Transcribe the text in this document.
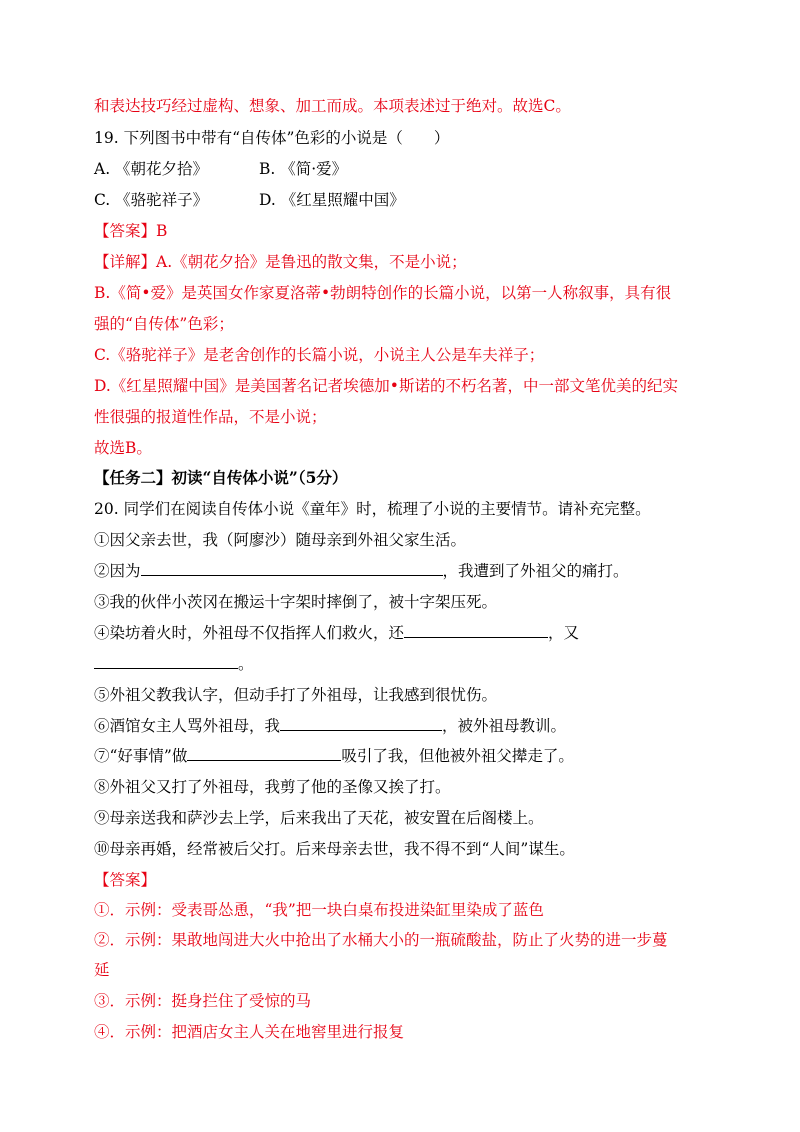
和表达技巧经过虚构、想象、加工而成。本项表述过于绝对。故选C。
19. 下列图书中带有“自传体”色彩的小说是（　　）
A. 《朝花夕拾》	B. 《简·爱》
C. 《骆驼祥子》	D. 《红星照耀中国》
【答案】B
【详解】A.《朝花夕拾》是鲁迅的散文集，不是小说；
B.《简•爱》是英国女作家夏洛蒂•勃朗特创作的长篇小说，以第一人称叙事，具有很
强的“自传体”色彩；
C.《骆驼祥子》是老舍创作的长篇小说，小说主人公是车夫祥子；
D.《红星照耀中国》是美国著名记者埃德加•斯诺的不朽名著，中一部文笔优美的纪实
性很强的报道性作品，不是小说；
故选B。
【任务二】初读“自传体小说”（5分）
20. 同学们在阅读自传体小说《童年》时，梳理了小说的主要情节。请补充完整。
①因父亲去世，我（阿廖沙）随母亲到外祖父家生活。
②因为	，我遭到了外祖父的痛打。
③我的伙伴小茨冈在搬运十字架时摔倒了，被十字架压死。
④染坊着火时，外祖母不仅指挥人们救火，还	，又
。
⑤外祖父教我认字，但动手打了外祖母，让我感到很忧伤。
⑥酒馆女主人骂外祖母，我	，被外祖母教训。
⑦“好事情”做	吸引了我，但他被外祖父撵走了。
⑧外祖父又打了外祖母，我剪了他的圣像又挨了打。
⑨母亲送我和萨沙去上学，后来我出了天花，被安置在后阁楼上。
⑩母亲再婚，经常被后父打。后来母亲去世，我不得不到“人间”谋生。
【答案】
①．示例：受表哥怂恿，“我”把一块白桌布投进染缸里染成了蓝色
②．示例：果敢地闯进大火中抢出了水桶大小的一瓶硫酸盐，防止了火势的进一步蔓
延
③．示例：挺身拦住了受惊的马
④．示例：把酒店女主人关在地窖里进行报复
